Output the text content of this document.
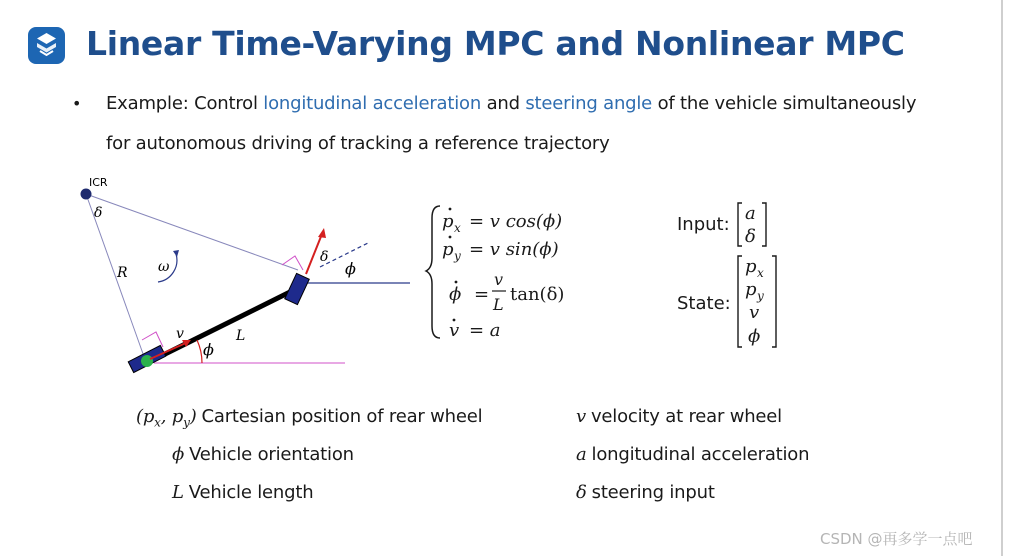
Linear Time-Varying MPC and Nonlinear MPC
• Example: Control longitudinal acceleration and steering angle of the vehicle simultaneously
for autonomous driving of tracking a reference trajectory
ICR
δ
ω
R
L
v
ϕ
δ
ϕ
p x = v cos(ϕ)
p y = v sin(ϕ)
ϕ =
v
L tan(δ)
v = a
Input:
a
δ
State:
p x
p y
v
ϕ
($p_x$, $p_y$) Cartesian position of rear wheel
ϕ Vehicle orientation
L Vehicle length
v velocity at rear wheel
a longitudinal acceleration
δ steering input
CSDN @再多学一点吧
